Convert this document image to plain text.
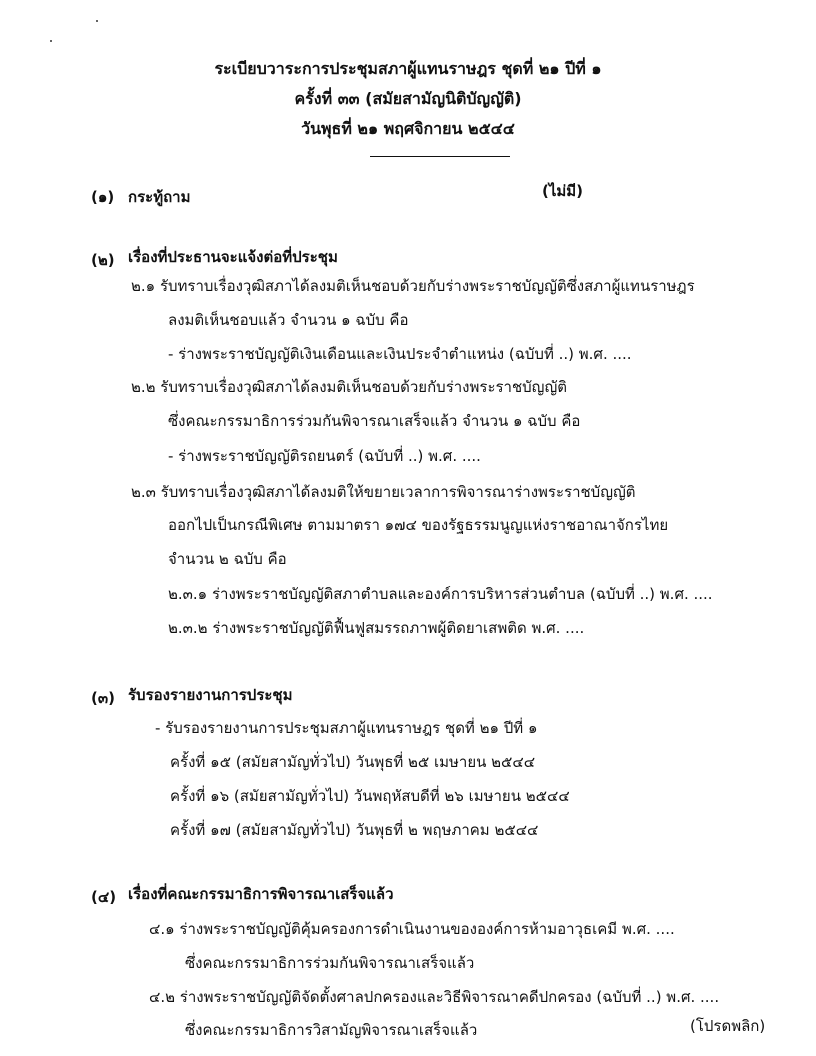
ระเบียบวาระการประชุมสภาผู้แทนราษฎร ชุดที่ ๒๑ ปีที่ ๑
ครั้งที่ ๓๓ (สมัยสามัญนิติบัญญัติ)
วันพุธที่ ๒๑ พฤศจิกายน ๒๕๔๔
(๑) กระทู้ถาม	(ไม่มี)
(๒) เรื่องที่ประธานจะแจ้งต่อที่ประชุม
๒.๑ รับทราบเรื่องวุฒิสภาได้ลงมติเห็นชอบด้วยกับร่างพระราชบัญญัติซึ่งสภาผู้แทนราษฎร
ลงมติเห็นชอบแล้ว จำนวน ๑ ฉบับ คือ
- ร่างพระราชบัญญัติเงินเดือนและเงินประจำตำแหน่ง (ฉบับที่ ..) พ.ศ. ....
๒.๒ รับทราบเรื่องวุฒิสภาได้ลงมติเห็นชอบด้วยกับร่างพระราชบัญญัติ
ซึ่งคณะกรรมาธิการร่วมกันพิจารณาเสร็จแล้ว จำนวน ๑ ฉบับ คือ
- ร่างพระราชบัญญัติรถยนตร์ (ฉบับที่ ..) พ.ศ. ....
๒.๓ รับทราบเรื่องวุฒิสภาได้ลงมติให้ขยายเวลาการพิจารณาร่างพระราชบัญญัติ
ออกไปเป็นกรณีพิเศษ ตามมาตรา ๑๗๔ ของรัฐธรรมนูญแห่งราชอาณาจักรไทย
จำนวน ๒ ฉบับ คือ
๒.๓.๑ ร่างพระราชบัญญัติสภาตำบลและองค์การบริหารส่วนตำบล (ฉบับที่ ..) พ.ศ. ....
๒.๓.๒ ร่างพระราชบัญญัติฟื้นฟูสมรรถภาพผู้ติดยาเสพติด พ.ศ. ....
(๓) รับรองรายงานการประชุม
- รับรองรายงานการประชุมสภาผู้แทนราษฎร ชุดที่ ๒๑ ปีที่ ๑
ครั้งที่ ๑๕ (สมัยสามัญทั่วไป) วันพุธที่ ๒๕ เมษายน ๒๕๔๔
ครั้งที่ ๑๖ (สมัยสามัญทั่วไป) วันพฤหัสบดีที่ ๒๖ เมษายน ๒๕๔๔
ครั้งที่ ๑๗ (สมัยสามัญทั่วไป) วันพุธที่ ๒ พฤษภาคม ๒๕๔๔
(๔) เรื่องที่คณะกรรมาธิการพิจารณาเสร็จแล้ว
๔.๑ ร่างพระราชบัญญัติคุ้มครองการดำเนินงานขององค์การห้ามอาวุธเคมี พ.ศ. ....
ซึ่งคณะกรรมาธิการร่วมกันพิจารณาเสร็จแล้ว
๔.๒ ร่างพระราชบัญญัติจัดตั้งศาลปกครองและวิธีพิจารณาคดีปกครอง (ฉบับที่ ..) พ.ศ. ....
ซึ่งคณะกรรมาธิการวิสามัญพิจารณาเสร็จแล้ว	(โปรดพลิก)
